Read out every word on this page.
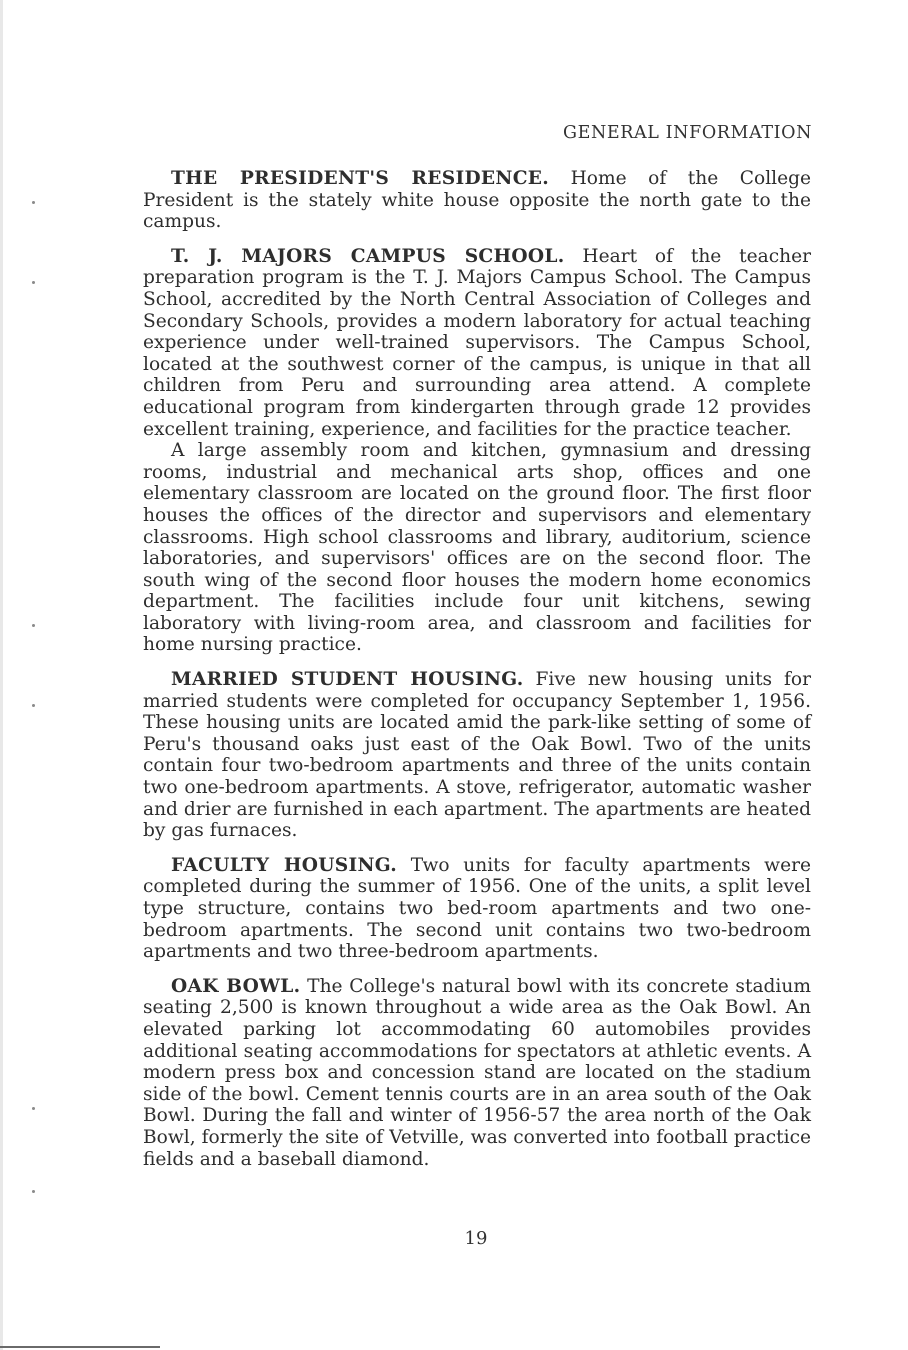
GENERAL INFORMATION

THE PRESIDENT'S RESIDENCE. Home of the College President is the stately white house opposite the north gate to the campus.

T. J. MAJORS CAMPUS SCHOOL. Heart of the teacher preparation program is the T. J. Majors Campus School. The Campus School, accredited by the North Central Association of Colleges and Secondary Schools, provides a modern laboratory for actual teaching experience under well-trained supervisors. The Campus School, located at the southwest corner of the campus, is unique in that all children from Peru and surrounding area attend. A complete educational program from kindergarten through grade 12 provides excellent training, experience, and facilities for the practice teacher.

A large assembly room and kitchen, gymnasium and dressing rooms, industrial and mechanical arts shop, offices and one elementary classroom are located on the ground floor. The first floor houses the offices of the director and supervisors and elementary classrooms. High school classrooms and library, auditorium, science laboratories, and supervisors' offices are on the second floor. The south wing of the second floor houses the modern home economics department. The facilities include four unit kitchens, sewing laboratory with living-room area, and classroom and facilities for home nursing practice.

MARRIED STUDENT HOUSING. Five new housing units for married students were completed for occupancy September 1, 1956. These housing units are located amid the park-like setting of some of Peru's thousand oaks just east of the Oak Bowl. Two of the units contain four two-bedroom apartments and three of the units contain two one-bedroom apartments. A stove, refrigerator, automatic washer and drier are furnished in each apartment. The apartments are heated by gas furnaces.

FACULTY HOUSING. Two units for faculty apartments were completed during the summer of 1956. One of the units, a split level type structure, contains two bed-room apartments and two one-bedroom apartments. The second unit contains two two-bedroom apartments and two three-bedroom apartments.

OAK BOWL. The College's natural bowl with its concrete stadium seating 2,500 is known throughout a wide area as the Oak Bowl. An elevated parking lot accommodating 60 automobiles provides additional seating accommodations for spectators at athletic events. A modern press box and concession stand are located on the stadium side of the bowl. Cement tennis courts are in an area south of the Oak Bowl. During the fall and winter of 1956-57 the area north of the Oak Bowl, formerly the site of Vetville, was converted into football practice fields and a baseball diamond.

19
